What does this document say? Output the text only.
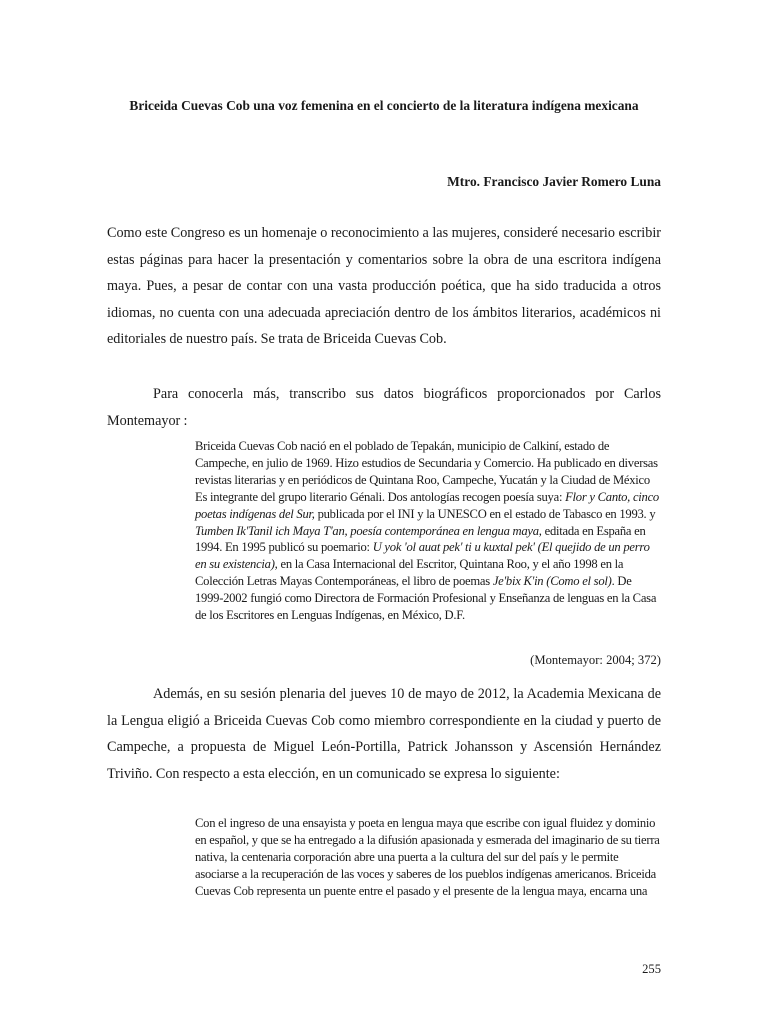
Briceida Cuevas Cob una voz femenina en el concierto de la literatura indígena mexicana

Mtro. Francisco Javier Romero Luna

Como este Congreso es un homenaje o reconocimiento a las mujeres, consideré necesario escribir estas páginas para hacer la presentación y comentarios sobre la obra de una escritora indígena maya. Pues, a pesar de contar con una vasta producción poética, que ha sido traducida a otros idiomas, no cuenta con una adecuada apreciación dentro de los ámbitos literarios, académicos ni editoriales de nuestro país. Se trata de Briceida Cuevas Cob.

Para conocerla más, transcribo sus datos biográficos proporcionados por Carlos Montemayor :

Briceida Cuevas Cob nació en el poblado de Tepakán, municipio de Calkiní, estado de Campeche, en julio de 1969. Hizo estudios de Secundaria y Comercio. Ha publicado en diversas revistas literarias y en periódicos de Quintana Roo, Campeche, Yucatán y la Ciudad de México Es integrante del grupo literario Génali. Dos antologías recogen poesía suya: Flor y Canto, cinco poetas indígenas del Sur, publicada por el INI y la UNESCO en el estado de Tabasco en 1993. y Tumben Ik'Tanil ich Maya T'an, poesía contemporánea en lengua maya, editada en España en 1994. En 1995 publicó su poemario: U yok 'ol auat pek' ti u kuxtal pek' (El quejido de un perro en su existencia), en la Casa Internacional del Escritor, Quintana Roo, y el año 1998 en la Colección Letras Mayas Contemporáneas, el libro de poemas Je'bix K'in (Como el sol). De 1999-2002 fungió como Directora de Formación Profesional y Enseñanza de lenguas en la Casa de los Escritores en Lenguas Indígenas, en México, D.F.

(Montemayor: 2004; 372)

Además, en su sesión plenaria del jueves 10 de mayo de 2012, la Academia Mexicana de la Lengua eligió a Briceida Cuevas Cob como miembro correspondiente en la ciudad y puerto de Campeche, a propuesta de Miguel León-Portilla, Patrick Johansson y Ascensión Hernández Triviño. Con respecto a esta elección, en un comunicado se expresa lo siguiente:

Con el ingreso de una ensayista y poeta en lengua maya que escribe con igual fluidez y dominio en español, y que se ha entregado a la difusión apasionada y esmerada del imaginario de su tierra nativa, la centenaria corporación abre una puerta a la cultura del sur del país y le permite asociarse a la recuperación de las voces y saberes de los pueblos indígenas americanos. Briceida Cuevas Cob representa un puente entre el pasado y el presente de la lengua maya, encarna una

255
